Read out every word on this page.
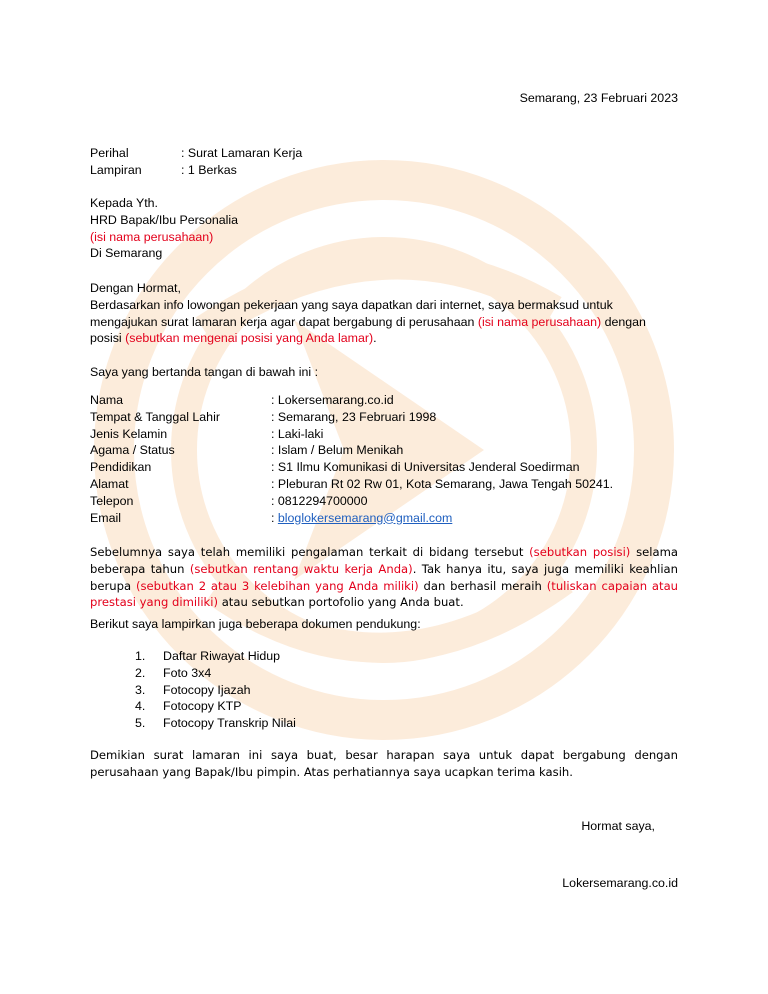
Semarang, 23 Februari 2023
Perihal	: Surat Lamaran Kerja
Lampiran	: 1 Berkas
Kepada Yth.
HRD Bapak/Ibu Personalia
(isi nama perusahaan)
Di Semarang
Dengan Hormat,
Berdasarkan info lowongan pekerjaan yang saya dapatkan dari internet, saya bermaksud untuk
mengajukan surat lamaran kerja agar dapat bergabung di perusahaan (isi nama perusahaan) dengan
posisi (sebutkan mengenai posisi yang Anda lamar).
Saya yang bertanda tangan di bawah ini :
Nama	: Lokersemarang.co.id
Tempat & Tanggal Lahir	: Semarang, 23 Februari 1998
Jenis Kelamin	: Laki-laki
Agama / Status	: Islam / Belum Menikah
Pendidikan	: S1 Ilmu Komunikasi di Universitas Jenderal Soedirman
Alamat	: Pleburan Rt 02 Rw 01, Kota Semarang, Jawa Tengah 50241.
Telepon	: 0812294700000
Email	: bloglokersemarang@gmail.com
Sebelumnya saya telah memiliki pengalaman terkait di bidang tersebut (sebutkan posisi) selama beberapa tahun (sebutkan rentang waktu kerja Anda). Tak hanya itu, saya juga memiliki keahlian berupa (sebutkan 2 atau 3 kelebihan yang Anda miliki) dan berhasil meraih (tuliskan capaian atau prestasi yang dimiliki) atau sebutkan portofolio yang Anda buat.
Berikut saya lampirkan juga beberapa dokumen pendukung:
1. Daftar Riwayat Hidup
2. Foto 3x4
3. Fotocopy Ijazah
4. Fotocopy KTP
5. Fotocopy Transkrip Nilai
Demikian surat lamaran ini saya buat, besar harapan saya untuk dapat bergabung dengan perusahaan yang Bapak/Ibu pimpin. Atas perhatiannya saya ucapkan terima kasih.
Hormat saya,
Lokersemarang.co.id
